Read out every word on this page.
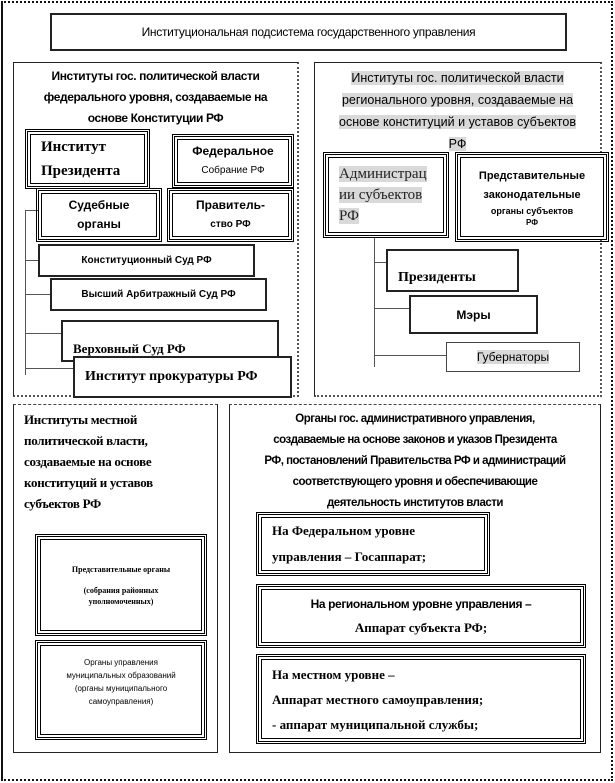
Институциональная подсистема государственного управления
Институты гос. политической власти
федерального уровня, создаваемые на
основе Конституции РФ
Институт
Президента
Федеральное
Собрание РФ
Судебные
органы
Правитель-
ство РФ
Конституционный Суд РФ
Высший Арбитражный Суд РФ
Верховный Суд РФ
Институт прокуратуры РФ
Институты гос. политической власти
регионального уровня, создаваемые на
основе конституций и уставов субъектов
РФ
Администрац
ии субъектов
РФ
Представительные
законодательные
органы субъектов
РФ
Президенты
Мэры
Губернаторы
Институты местной
политической власти,
создаваемые на основе
конституций и уставов
субъектов РФ
Представительные органы
(собрания районных
уполномоченных)
Органы управления
муниципальных образований
(органы муниципального
самоуправления)
Органы гос. административного управления,
создаваемые на основе законов и указов Президента
РФ, постановлений Правительства РФ и администраций
соответствующего уровня и обеспечивающие
деятельность институтов власти
На Федеральном уровне
управления – Госаппарат;
На региональном уровне управления –
Аппарат субъекта РФ;
На местном уровне –
Аппарат местного самоуправления;
- аппарат муниципальной службы;
